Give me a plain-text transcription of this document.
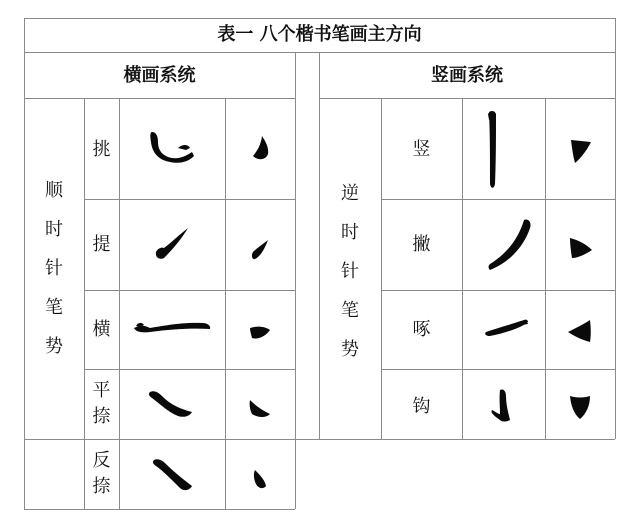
表一 八个楷书笔画主方向
横画系统	竖画系统
顺
时
针
笔
势
逆
时
针
笔
势
挑
提
横
平
捺
反
捺
竖
撇
啄
钩
